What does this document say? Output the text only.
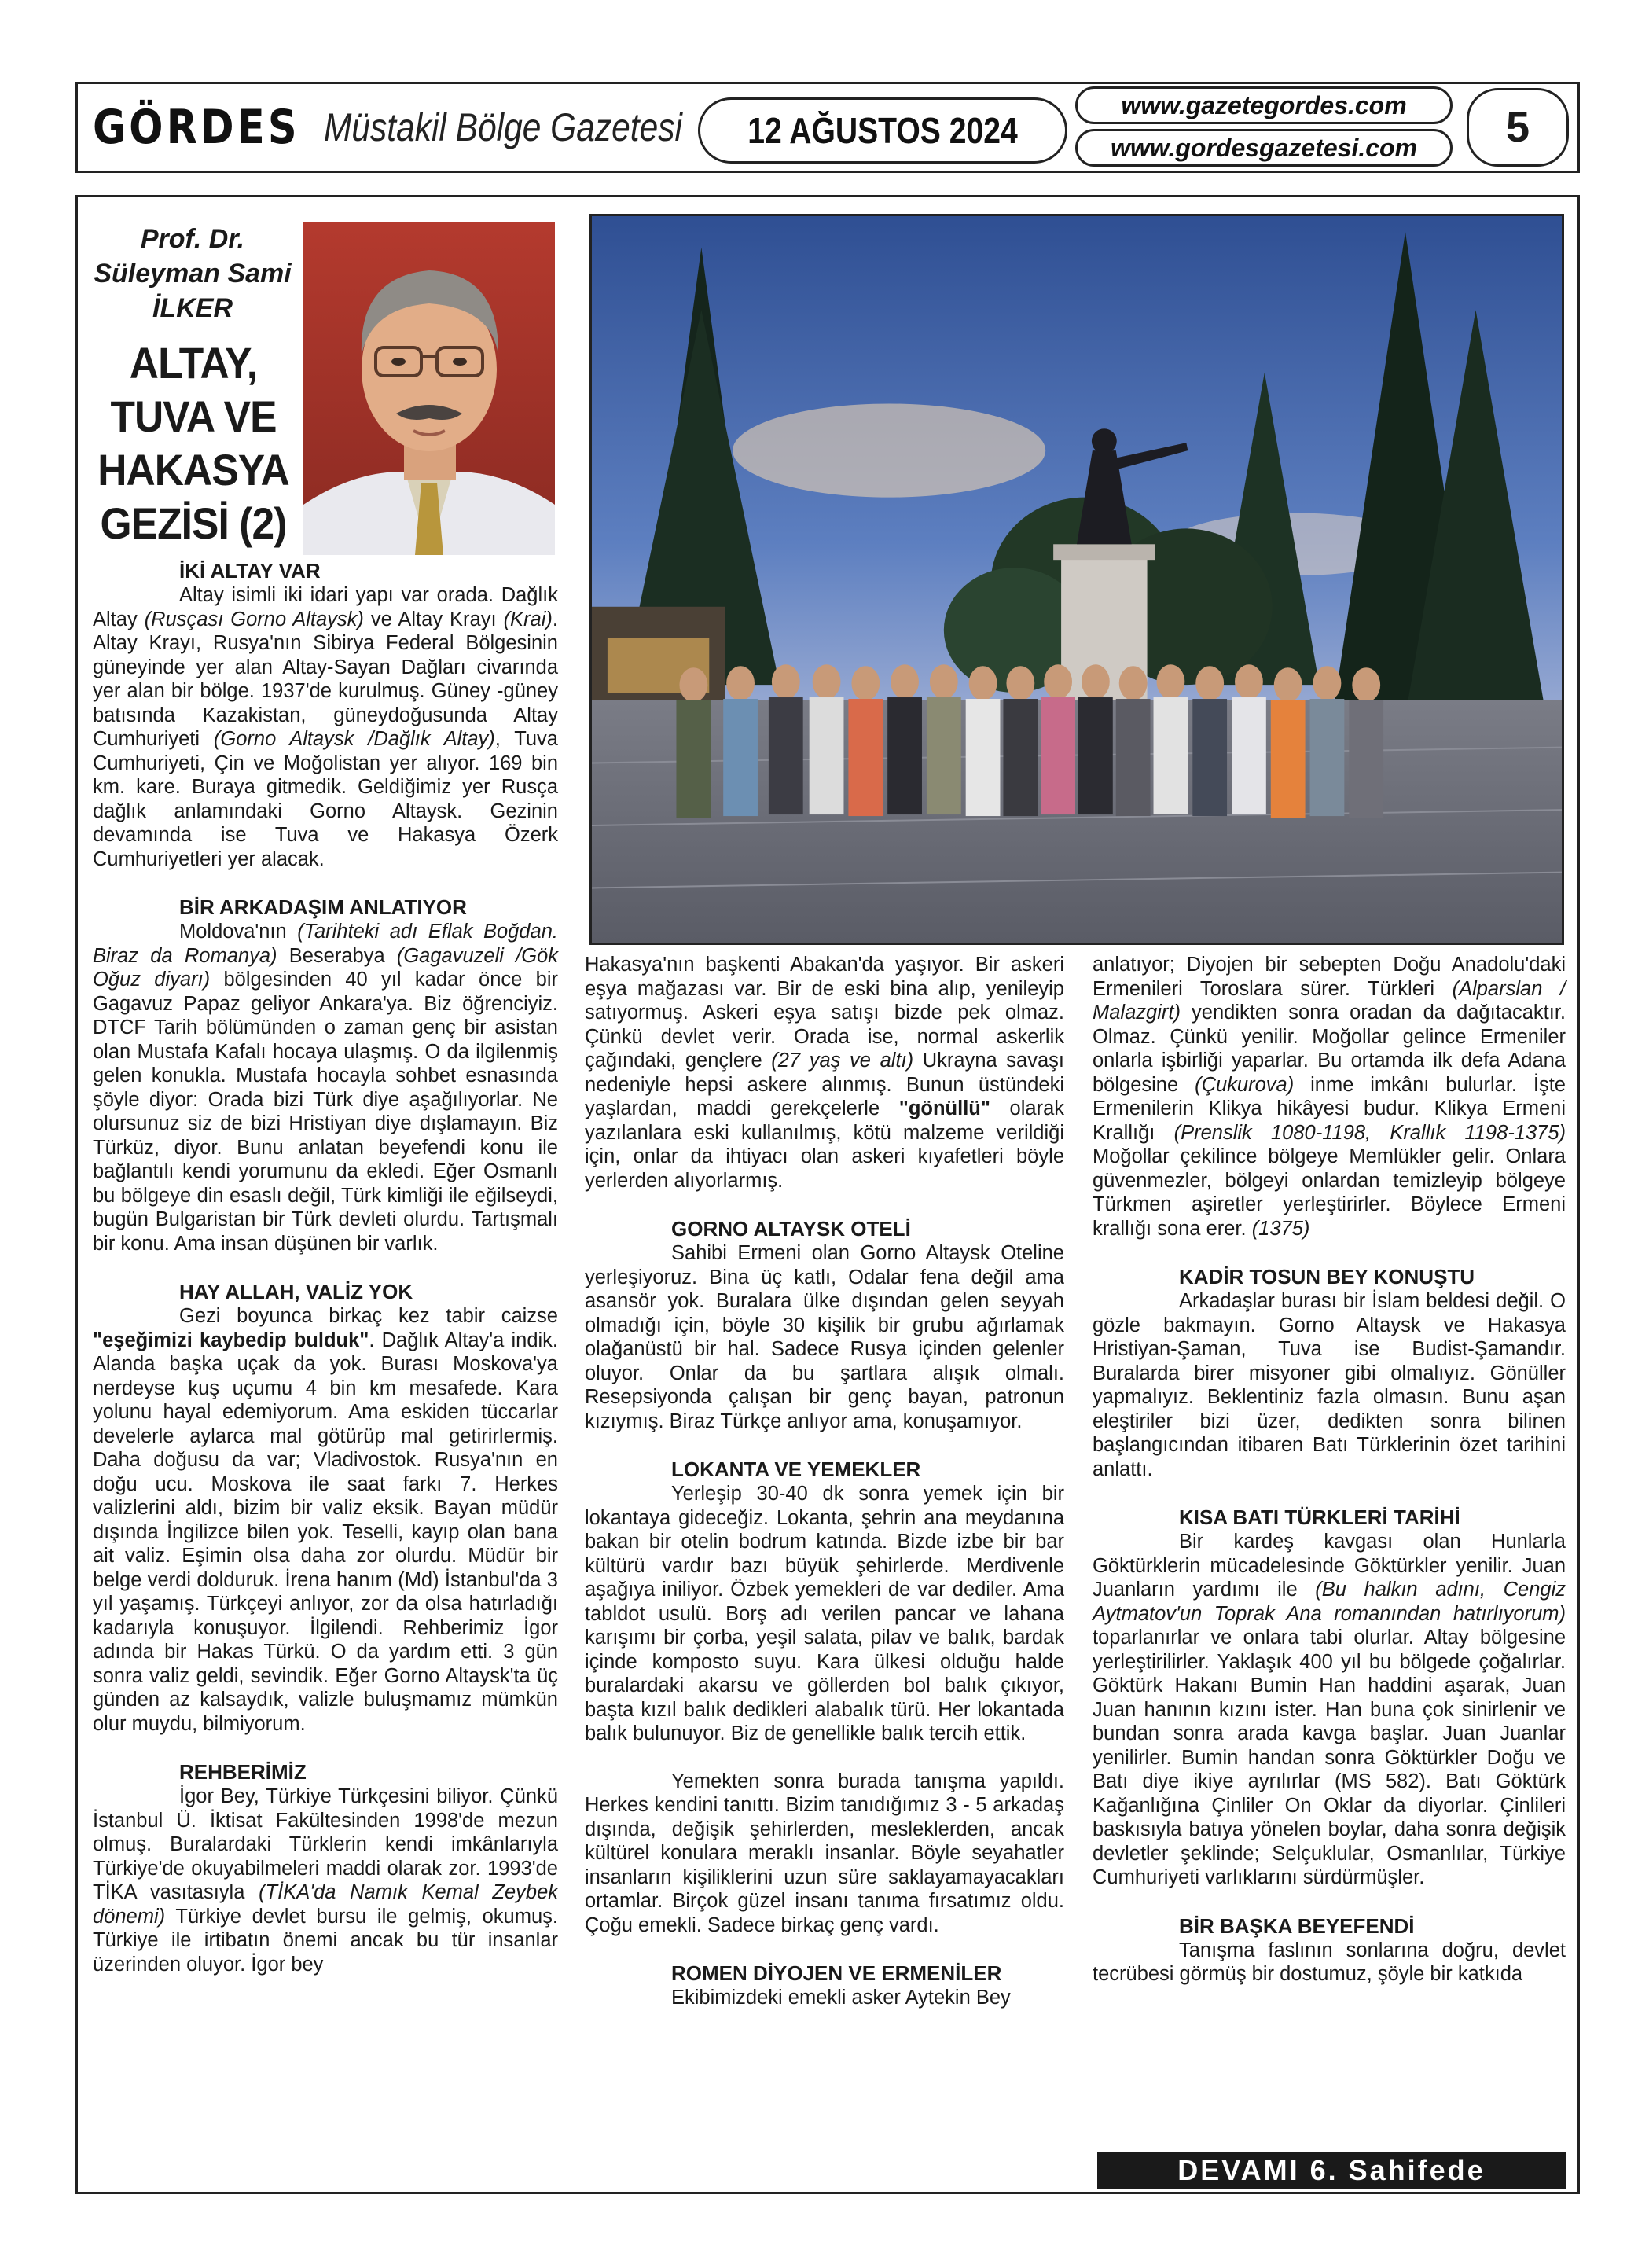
GÖRDES Müstakil Bölge Gazetesi 12 AĞUSTOS 2024
www.gazetegordes.com
www.gordesgazetesi.com	5
Prof. Dr.
Süleyman Sami
İLKER
ALTAY,
TUVA VE
HAKASYA
GEZİSİ (2)
İKİ ALTAY VAR

Altay isimli iki idari yapı var orada. Dağlık Altay (Rusçası Gorno Altaysk) ve Altay Krayı (Krai). Altay Krayı, Rusya'nın Sibirya Federal Bölgesinin güneyinde yer alan Altay-Sayan Dağları civarında yer alan bir bölge. 1937'de kurulmuş. Güney -güney batısında Kazakistan, güneydoğusunda Altay Cumhuriyeti (Gorno Altaysk /Dağlık Altay), Tuva Cumhuriyeti, Çin ve Moğolistan yer alıyor. 169 bin km. kare. Buraya gitmedik. Geldiğimiz yer Rusça dağlık anlamındaki Gorno Altaysk. Gezinin devamında ise Tuva ve Hakasya Özerk Cumhuriyetleri yer alacak.

BİR ARKADAŞIM ANLATIYOR

Moldova'nın (Tarihteki adı Eflak Boğdan. Biraz da Romanya) Beserabya (Gagavuzeli /Gök Oğuz diyarı) bölgesinden 40 yıl kadar önce bir Gagavuz Papaz geliyor Ankara'ya. Biz öğrenciyiz. DTCF Tarih bölümünden o zaman genç bir asistan olan Mustafa Kafalı hocaya ulaşmış. O da ilgilenmiş gelen konukla. Mustafa hocayla sohbet esnasında şöyle diyor: Orada bizi Türk diye aşağılıyorlar. Ne olursunuz siz de bizi Hristiyan diye dışlamayın. Biz Türküz, diyor. Bunu anlatan beyefendi konu ile bağlantılı kendi yorumunu da ekledi. Eğer Osmanlı bu bölgeye din esaslı değil, Türk kimliği ile eğilseydi, bugün Bulgaristan bir Türk devleti olurdu. Tartışmalı bir konu. Ama insan düşünen bir varlık.

HAY ALLAH, VALİZ YOK

Gezi boyunca birkaç kez tabir caizse "eşeğimizi kaybedip bulduk". Dağlık Altay'a indik. Alanda başka uçak da yok. Burası Moskova'ya nerdeyse kuş uçumu 4 bin km mesafede. Kara yolunu hayal edemiyorum. Ama eskiden tüccarlar develerle aylarca mal götürüp mal getirirlermiş. Daha doğusu da var; Vladivostok. Rusya'nın en doğu ucu. Moskova ile saat farkı 7. Herkes valizlerini aldı, bizim bir valiz eksik. Bayan müdür dışında İngilizce bilen yok. Teselli, kayıp olan bana ait valiz. Eşimin olsa daha zor olurdu. Müdür bir belge verdi dolduruk. İrena hanım (Md) İstanbul'da 3 yıl yaşamış. Türkçeyi anlıyor, zor da olsa hatırladığı kadarıyla konuşuyor. İlgilendi. Rehberimiz İgor adında bir Hakas Türkü. O da yardım etti. 3 gün sonra valiz geldi, sevindik. Eğer Gorno Altaysk'ta üç günden az kalsaydık, valizle buluşmamız mümkün olur muydu, bilmiyorum.

REHBERİMİZ

İgor Bey, Türkiye Türkçesini biliyor. Çünkü İstanbul Ü. İktisat Fakültesinden 1998'de mezun olmuş. Buralardaki Türklerin kendi imkânlarıyla Türkiye'de okuyabilmeleri maddi olarak zor. 1993'de TİKA vasıtasıyla (TİKA'da Namık Kemal Zeybek dönemi) Türkiye devlet bursu ile gelmiş, okumuş. Türkiye ile irtibatın önemi ancak bu tür insanlar üzerinden oluyor. İgor bey

Hakasya'nın başkenti Abakan'da yaşıyor. Bir askeri eşya mağazası var. Bir de eski bina alıp, yenileyip satıyormuş. Askeri eşya satışı bizde pek olmaz. Çünkü devlet verir. Orada ise, normal askerlik çağındaki, gençlere (27 yaş ve altı) Ukrayna savaşı nedeniyle hepsi askere alınmış. Bunun üstündeki yaşlardan, maddi gerekçelerle "gönüllü" olarak yazılanlara eski kullanılmış, kötü malzeme verildiği için, onlar da ihtiyacı olan askeri kıyafetleri böyle yerlerden alıyorlarmış.

GORNO ALTAYSK OTELİ

Sahibi Ermeni olan Gorno Altaysk Oteline yerleşiyoruz. Bina üç katlı, Odalar fena değil ama asansör yok. Buralara ülke dışından gelen seyyah olmadığı için, böyle 30 kişilik bir grubu ağırlamak olağanüstü bir hal. Sadece Rusya içinden gelenler oluyor. Onlar da bu şartlara alışık olmalı. Resepsiyonda çalışan bir genç bayan, patronun kızıymış. Biraz Türkçe anlıyor ama, konuşamıyor.

LOKANTA VE YEMEKLER

Yerleşip 30-40 dk sonra yemek için bir lokantaya gideceğiz. Lokanta, şehrin ana meydanına bakan bir otelin bodrum katında. Bizde izbe bir bar kültürü vardır bazı büyük şehirlerde. Merdivenle aşağıya iniliyor. Özbek yemekleri de var dediler. Ama tabldot usulü. Borş adı verilen pancar ve lahana karışımı bir çorba, yeşil salata, pilav ve balık, bardak içinde komposto suyu. Kara ülkesi olduğu halde buralardaki akarsu ve göllerden bol balık çıkıyor, başta kızıl balık dedikleri alabalık türü. Her lokantada balık bulunuyor. Biz de genellikle balık tercih ettik.

Yemekten sonra burada tanışma yapıldı. Herkes kendini tanıttı. Bizim tanıdığımız 3 - 5 arkadaş dışında, değişik şehirlerden, mesleklerden, ancak kültürel konulara meraklı insanlar. Böyle seyahatler insanların kişiliklerini uzun süre saklayamayacakları ortamlar. Birçok güzel insanı tanıma fırsatımız oldu. Çoğu emekli. Sadece birkaç genç vardı.

ROMEN DİYOJEN VE ERMENİLER

Ekibimizdeki emekli asker Aytekin Bey

anlatıyor; Diyojen bir sebepten Doğu Anadolu'daki Ermenileri Toroslara sürer. Türkleri (Alparslan / Malazgirt) yendikten sonra oradan da dağıtacaktır. Olmaz. Çünkü yenilir. Moğollar gelince Ermeniler onlarla işbirliği yaparlar. Bu ortamda ilk defa Adana bölgesine (Çukurova) inme imkânı bulurlar. İşte Ermenilerin Klikya hikâyesi budur. Klikya Ermeni Krallığı (Prenslik 1080-1198, Krallık 1198-1375) Moğollar çekilince bölgeye Memlükler gelir. Onlara güvenmezler, bölgeyi onlardan temizleyip bölgeye Türkmen aşiretler yerleştirirler. Böylece Ermeni krallığı sona erer. (1375)

KADİR TOSUN BEY KONUŞTU

Arkadaşlar burası bir İslam beldesi değil. O gözle bakmayın. Gorno Altaysk ve Hakasya Hristiyan-Şaman, Tuva ise Budist-Şamandır. Buralarda birer misyoner gibi olmalıyız. Gönüller yapmalıyız. Beklentiniz fazla olmasın. Bunu aşan eleştiriler bizi üzer, dedikten sonra bilinen başlangıcından itibaren Batı Türklerinin özet tarihini anlattı.

KISA BATI TÜRKLERİ TARİHİ

Bir kardeş kavgası olan Hunlarla Göktürklerin mücadelesinde Göktürkler yenilir. Juan Juanların yardımı ile (Bu halkın adını, Cengiz Aytmatov'un Toprak Ana romanından hatırlıyorum) toparlanırlar ve onlara tabi olurlar. Altay bölgesine yerleştirilirler. Yaklaşık 400 yıl bu bölgede çoğalırlar. Göktürk Hakanı Bumin Han haddini aşarak, Juan Juan hanının kızını ister. Han buna çok sinirlenir ve bundan sonra arada kavga başlar. Juan Juanlar yenilirler. Bumin handan sonra Göktürkler Doğu ve Batı diye ikiye ayrılırlar (MS 582). Batı Göktürk Kağanlığına Çinliler On Oklar da diyorlar. Çinlileri baskısıyla batıya yönelen boylar, daha sonra değişik devletler şeklinde; Selçuklular, Osmanlılar, Türkiye Cumhuriyeti varlıklarını sürdürmüşler.

BİR BAŞKA BEYEFENDİ

Tanışma faslının sonlarına doğru, devlet tecrübesi görmüş bir dostumuz, şöyle bir katkıda

DEVAMI 6. Sahifede
